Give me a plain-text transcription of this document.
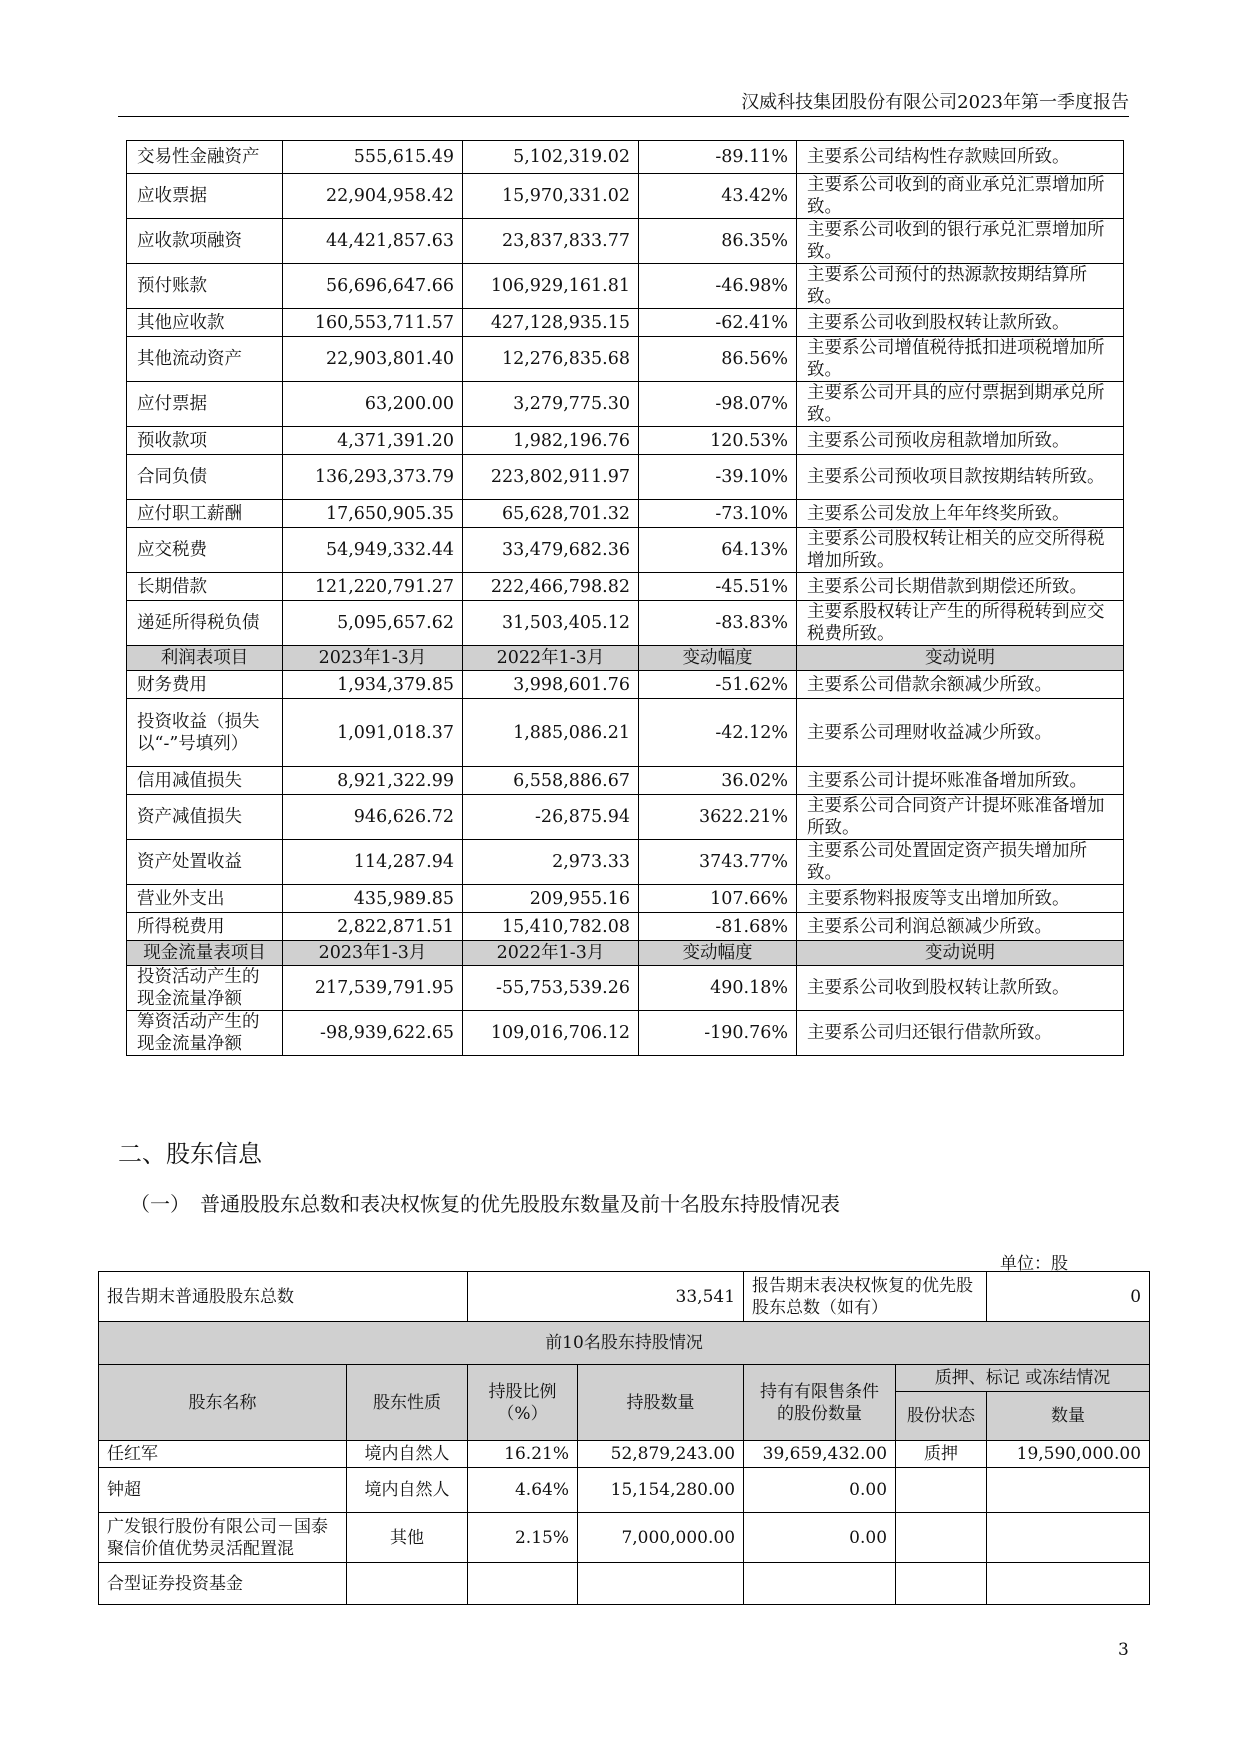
汉威科技集团股份有限公司2023年第一季度报告
交易性金融资产	555,615.49	5,102,319.02	-89.11%	主要系公司结构性存款赎回所致。
应收票据	22,904,958.42	15,970,331.02	43.42%	主要系公司收到的商业承兑汇票增加所致。
应收款项融资	44,421,857.63	23,837,833.77	86.35%	主要系公司收到的银行承兑汇票增加所致。
预付账款	56,696,647.66	106,929,161.81	-46.98%	主要系公司预付的热源款按期结算所致。
其他应收款	160,553,711.57	427,128,935.15	-62.41%	主要系公司收到股权转让款所致。
其他流动资产	22,903,801.40	12,276,835.68	86.56%	主要系公司增值税待抵扣进项税增加所致。
应付票据	63,200.00	3,279,775.30	-98.07%	主要系公司开具的应付票据到期承兑所致。
预收款项	4,371,391.20	1,982,196.76	120.53%	主要系公司预收房租款增加所致。
合同负债	136,293,373.79	223,802,911.97	-39.10%	主要系公司预收项目款按期结转所致。
应付职工薪酬	17,650,905.35	65,628,701.32	-73.10%	主要系公司发放上年年终奖所致。
应交税费	54,949,332.44	33,479,682.36	64.13%	主要系公司股权转让相关的应交所得税增加所致。
长期借款	121,220,791.27	222,466,798.82	-45.51%	主要系公司长期借款到期偿还所致。
递延所得税负债	5,095,657.62	31,503,405.12	-83.83%	主要系股权转让产生的所得税转到应交税费所致。
利润表项目	2023年1-3月	2022年1-3月	变动幅度	变动说明
财务费用	1,934,379.85	3,998,601.76	-51.62%	主要系公司借款余额减少所致。
投资收益（损失以“-”号填列）	1,091,018.37	1,885,086.21	-42.12%	主要系公司理财收益减少所致。
信用减值损失	8,921,322.99	6,558,886.67	36.02%	主要系公司计提坏账准备增加所致。
资产减值损失	946,626.72	-26,875.94	3622.21%	主要系公司合同资产计提坏账准备增加所致。
资产处置收益	114,287.94	2,973.33	3743.77%	主要系公司处置固定资产损失增加所致。
营业外支出	435,989.85	209,955.16	107.66%	主要系物料报废等支出增加所致。
所得税费用	2,822,871.51	15,410,782.08	-81.68%	主要系公司利润总额减少所致。
现金流量表项目	2023年1-3月	2022年1-3月	变动幅度	变动说明
投资活动产生的现金流量净额	217,539,791.95	-55,753,539.26	490.18%	主要系公司收到股权转让款所致。
筹资活动产生的现金流量净额	-98,939,622.65	109,016,706.12	-190.76%	主要系公司归还银行借款所致。
二、股东信息
（一）　普通股股东总数和表决权恢复的优先股股东数量及前十名股东持股情况表
单位：股
报告期末普通股股东总数		33,541		报告期末表决权恢复的优先股股东总数（如有）		0
前10名股东持股情况						
股东名称	股东性质	持股比例（%）	持股数量	持有有限售条件的股份数量	质押、标记 或冻结情况	
					股份状态	数量
任红军	境内自然人	16.21%	52,879,243.00	39,659,432.00	质押	19,590,000.00
钟超	境内自然人	4.64%	15,154,280.00	0.00		
广发银行股份有限公司－国泰聚信价值优势灵活配置混	其他	2.15%	7,000,000.00	0.00		
合型证券投资基金						
3
